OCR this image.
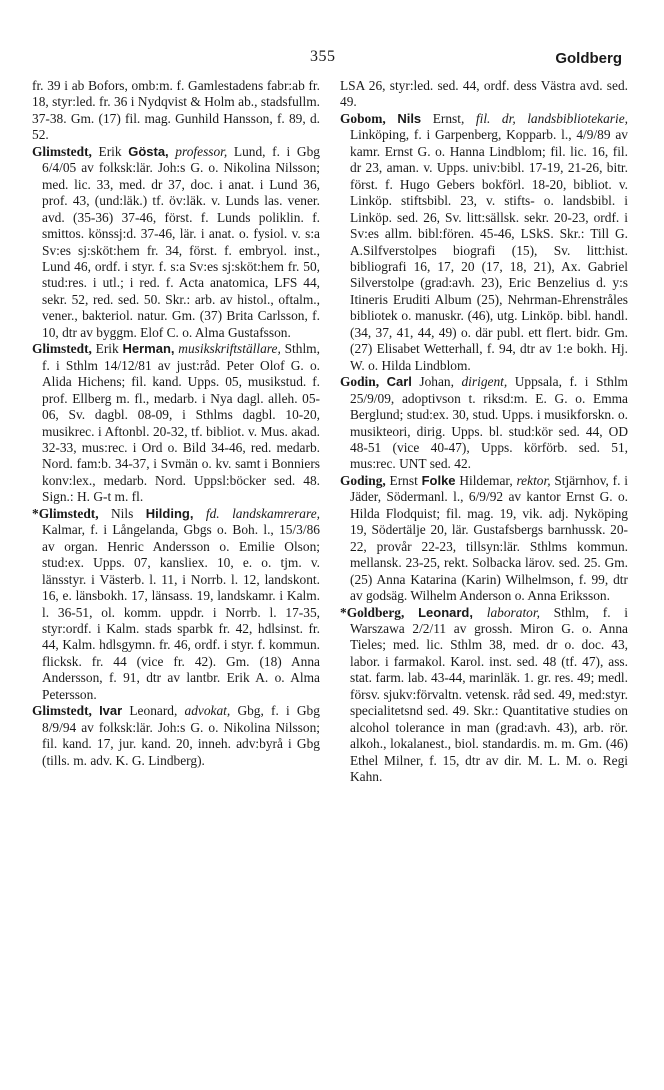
355	Goldberg

fr. 39 i ab Bofors, omb:m. f. Gamlestadens fabr:ab fr. 18, styr:led. fr. 36 i Nydqvist & Holm ab., stadsfullm. 37-38. Gm. (17) fil. mag. Gunhild Hansson, f. 89, d. 52.

Glimstedt, Erik Gösta, professor, Lund, f. i Gbg 6/4/05 av folksk:lär. Joh:s G. o. Nikolina Nilsson; med. lic. 33, med. dr 37, doc. i anat. i Lund 36, prof. 43, (und:läk.) tf. öv:läk. v. Lunds las. vener. avd. (35-36) 37-46, först. f. Lunds poliklin. f. smittos. könssj:d. 37-46, lär. i anat. o. fysiol. v. s:a Sv:es sj:sköt:hem fr. 34, först. f. embryol. inst., Lund 46, ordf. i styr. f. s:a Sv:es sj:sköt:hem fr. 50, stud:res. i utl.; i red. f. Acta anatomica, LFS 44, sekr. 52, red. sed. 50. Skr.: arb. av histol., oftalm., vener., bakteriol. natur. Gm. (37) Brita Carlsson, f. 10, dtr av byggm. Elof C. o. Alma Gustafsson.

Glimstedt, Erik Herman, musikskriftställare, Sthlm, f. i Sthlm 14/12/81 av just:råd. Peter Olof G. o. Alida Hichens; fil. kand. Upps. 05, musikstud. f. prof. Ellberg m. fl., medarb. i Nya dagl. alleh. 05-06, Sv. dagbl. 08-09, i Sthlms dagbl. 10-20, musikrec. i Aftonbl. 20-32, tf. bibliot. v. Mus. akad. 32-33, mus:rec. i Ord o. Bild 34-46, red. medarb. Nord. fam:b. 34-37, i Svmän o. kv. samt i Bonniers konv:lex., medarb. Nord. Uppsl:böcker sed. 48. Sign.: H. G-t m. fl.

*Glimstedt, Nils Hilding, fd. landskamrerare, Kalmar, f. i Långelanda, Gbgs o. Boh. l., 15/3/86 av organ. Henric Andersson o. Emilie Olson; stud:ex. Upps. 07, kansliex. 10, e. o. tjm. v. länsstyr. i Västerb. l. 11, i Norrb. l. 12, landskont. 16, e. länsbokh. 17, länsass. 19, landskamr. i Kalm. l. 36-51, ol. komm. uppdr. i Norrb. l. 17-35, styr:ordf. i Kalm. stads sparbk fr. 42, hdlsinst. fr. 44, Kalm. hdlsgymn. fr. 46, ordf. i styr. f. kommun. flicksk. fr. 44 (vice fr. 42). Gm. (18) Anna Andersson, f. 91, dtr av lantbr. Erik A. o. Alma Petersson.

Glimstedt, Ivar Leonard, advokat, Gbg, f. i Gbg 8/9/94 av folksk:lär. Joh:s G. o. Nikolina Nilsson; fil. kand. 17, jur. kand. 20, inneh. adv:byrå i Gbg (tills. m. adv. K. G. Lindberg).

LSA 26, styr:led. sed. 44, ordf. dess Västra avd. sed. 49.

Gobom, Nils Ernst, fil. dr, landsbibliotekarie, Linköping, f. i Garpenberg, Kopparb. l., 4/9/89 av kamr. Ernst G. o. Hanna Lindblom; fil. lic. 16, fil. dr 23, aman. v. Upps. univ:bibl. 17-19, 21-26, bitr. först. f. Hugo Gebers bokförl. 18-20, bibliot. v. Linköp. stiftsbibl. 23, v. stifts- o. landsbibl. i Linköp. sed. 26, Sv. litt:sällsk. sekr. 20-23, ordf. i Sv:es allm. bibl:fören. 45-46, LSkS. Skr.: Till G. A.Silfverstolpes biografi (15), Sv. litt:hist. bibliografi 16, 17, 20 (17, 18, 21), Ax. Gabriel Silverstolpe (grad:avh. 23), Eric Benzelius d. y:s Itineris Eruditi Album (25), Nehrman-Ehrenstråles bibliotek o. manuskr. (46), utg. Linköp. bibl. handl. (34, 37, 41, 44, 49) o. där publ. ett flert. bidr. Gm. (27) Elisabet Wetterhall, f. 94, dtr av 1:e bokh. Hj. W. o. Hilda Lindblom.

Godin, Carl Johan, dirigent, Uppsala, f. i Sthlm 25/9/09, adoptivson t. riksd:m. E. G. o. Emma Berglund; stud:ex. 30, stud. Upps. i musikforskn. o. musikteori, dirig. Upps. bl. stud:kör sed. 44, OD 48-51 (vice 40-47), Upps. körförb. sed. 51, mus:rec. UNT sed. 42.

Goding, Ernst Folke Hildemar, rektor, Stjärnhov, f. i Jäder, Södermanl. l., 6/9/92 av kantor Ernst G. o. Hilda Flodquist; fil. mag. 19, vik. adj. Nyköping 19, Södertälje 20, lär. Gustafsbergs barnhussk. 20-22, provår 22-23, tillsyn:lär. Sthlms kommun. mellansk. 23-25, rekt. Solbacka lärov. sed. 25. Gm. (25) Anna Katarina (Karin) Wilhelmson, f. 99, dtr av godsäg. Wilhelm Anderson o. Anna Eriksson.

*Goldberg, Leonard, laborator, Sthlm, f. i Warszawa 2/2/11 av grossh. Miron G. o. Anna Tieles; med. lic. Sthlm 38, med. dr o. doc. 43, labor. i farmakol. Karol. inst. sed. 48 (tf. 47), ass. stat. farm. lab. 43-44, marinläk. 1. gr. res. 49; medl. försv. sjukv:förvaltn. vetensk. råd sed. 49, med:styr. specialitetsnd sed. 49. Skr.: Quantitative studies on alcohol tolerance in man (grad:avh. 43), arb. rör. alkoh., lokalanest., biol. standardis. m. m. Gm. (46) Ethel Milner, f. 15, dtr av dir. M. L. M. o. Regi Kahn.
